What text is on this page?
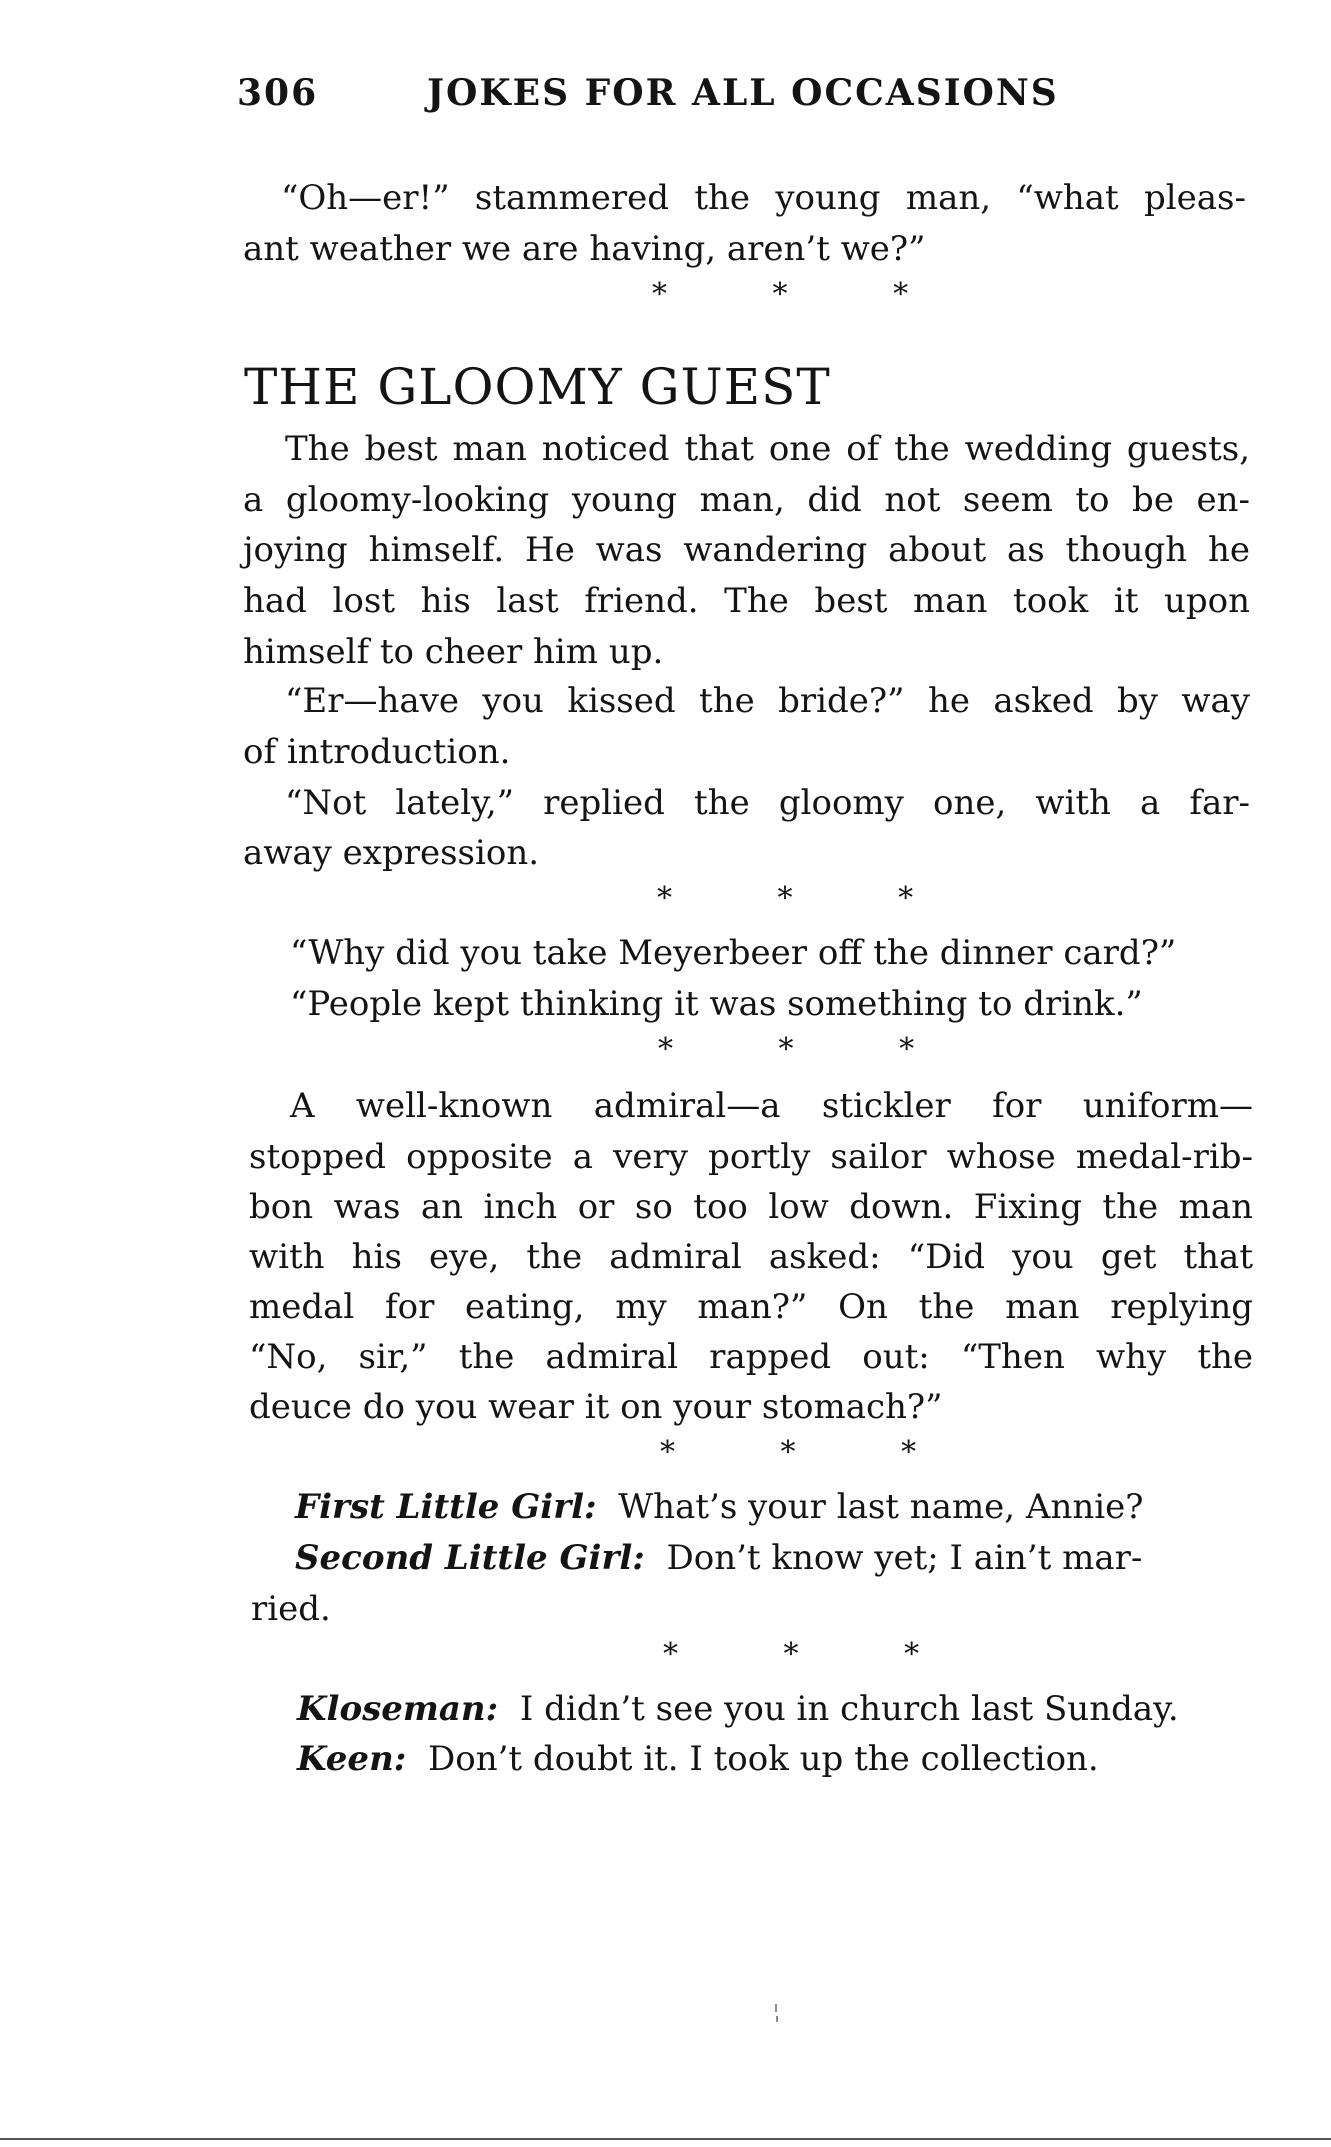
306	JOKES FOR ALL OCCASIONS
“Oh—er!” stammered the young man, “what pleas-
ant weather we are having, aren’t we?”
* * *
THE GLOOMY GUEST
The best man noticed that one of the wedding guests,
a gloomy-looking young man, did not seem to be en-
joying himself. He was wandering about as though he
had lost his last friend. The best man took it upon
himself to cheer him up.
“Er—have you kissed the bride?” he asked by way
of introduction.
“Not lately,” replied the gloomy one, with a far-
away expression.
* * *
“Why did you take Meyerbeer off the dinner card?”
“People kept thinking it was something to drink.”
* * *
A well-known admiral—a stickler for uniform—
stopped opposite a very portly sailor whose medal-rib-
bon was an inch or so too low down. Fixing the man
with his eye, the admiral asked: “Did you get that
medal for eating, my man?” On the man replying
“No, sir,” the admiral rapped out: “Then why the
deuce do you wear it on your stomach?”
* * *
First Little Girl: What’s your last name, Annie?
Second Little Girl: Don’t know yet; I ain’t mar-
ried.
* * *
Kloseman: I didn’t see you in church last Sunday.
Keen: Don’t doubt it. I took up the collection.
